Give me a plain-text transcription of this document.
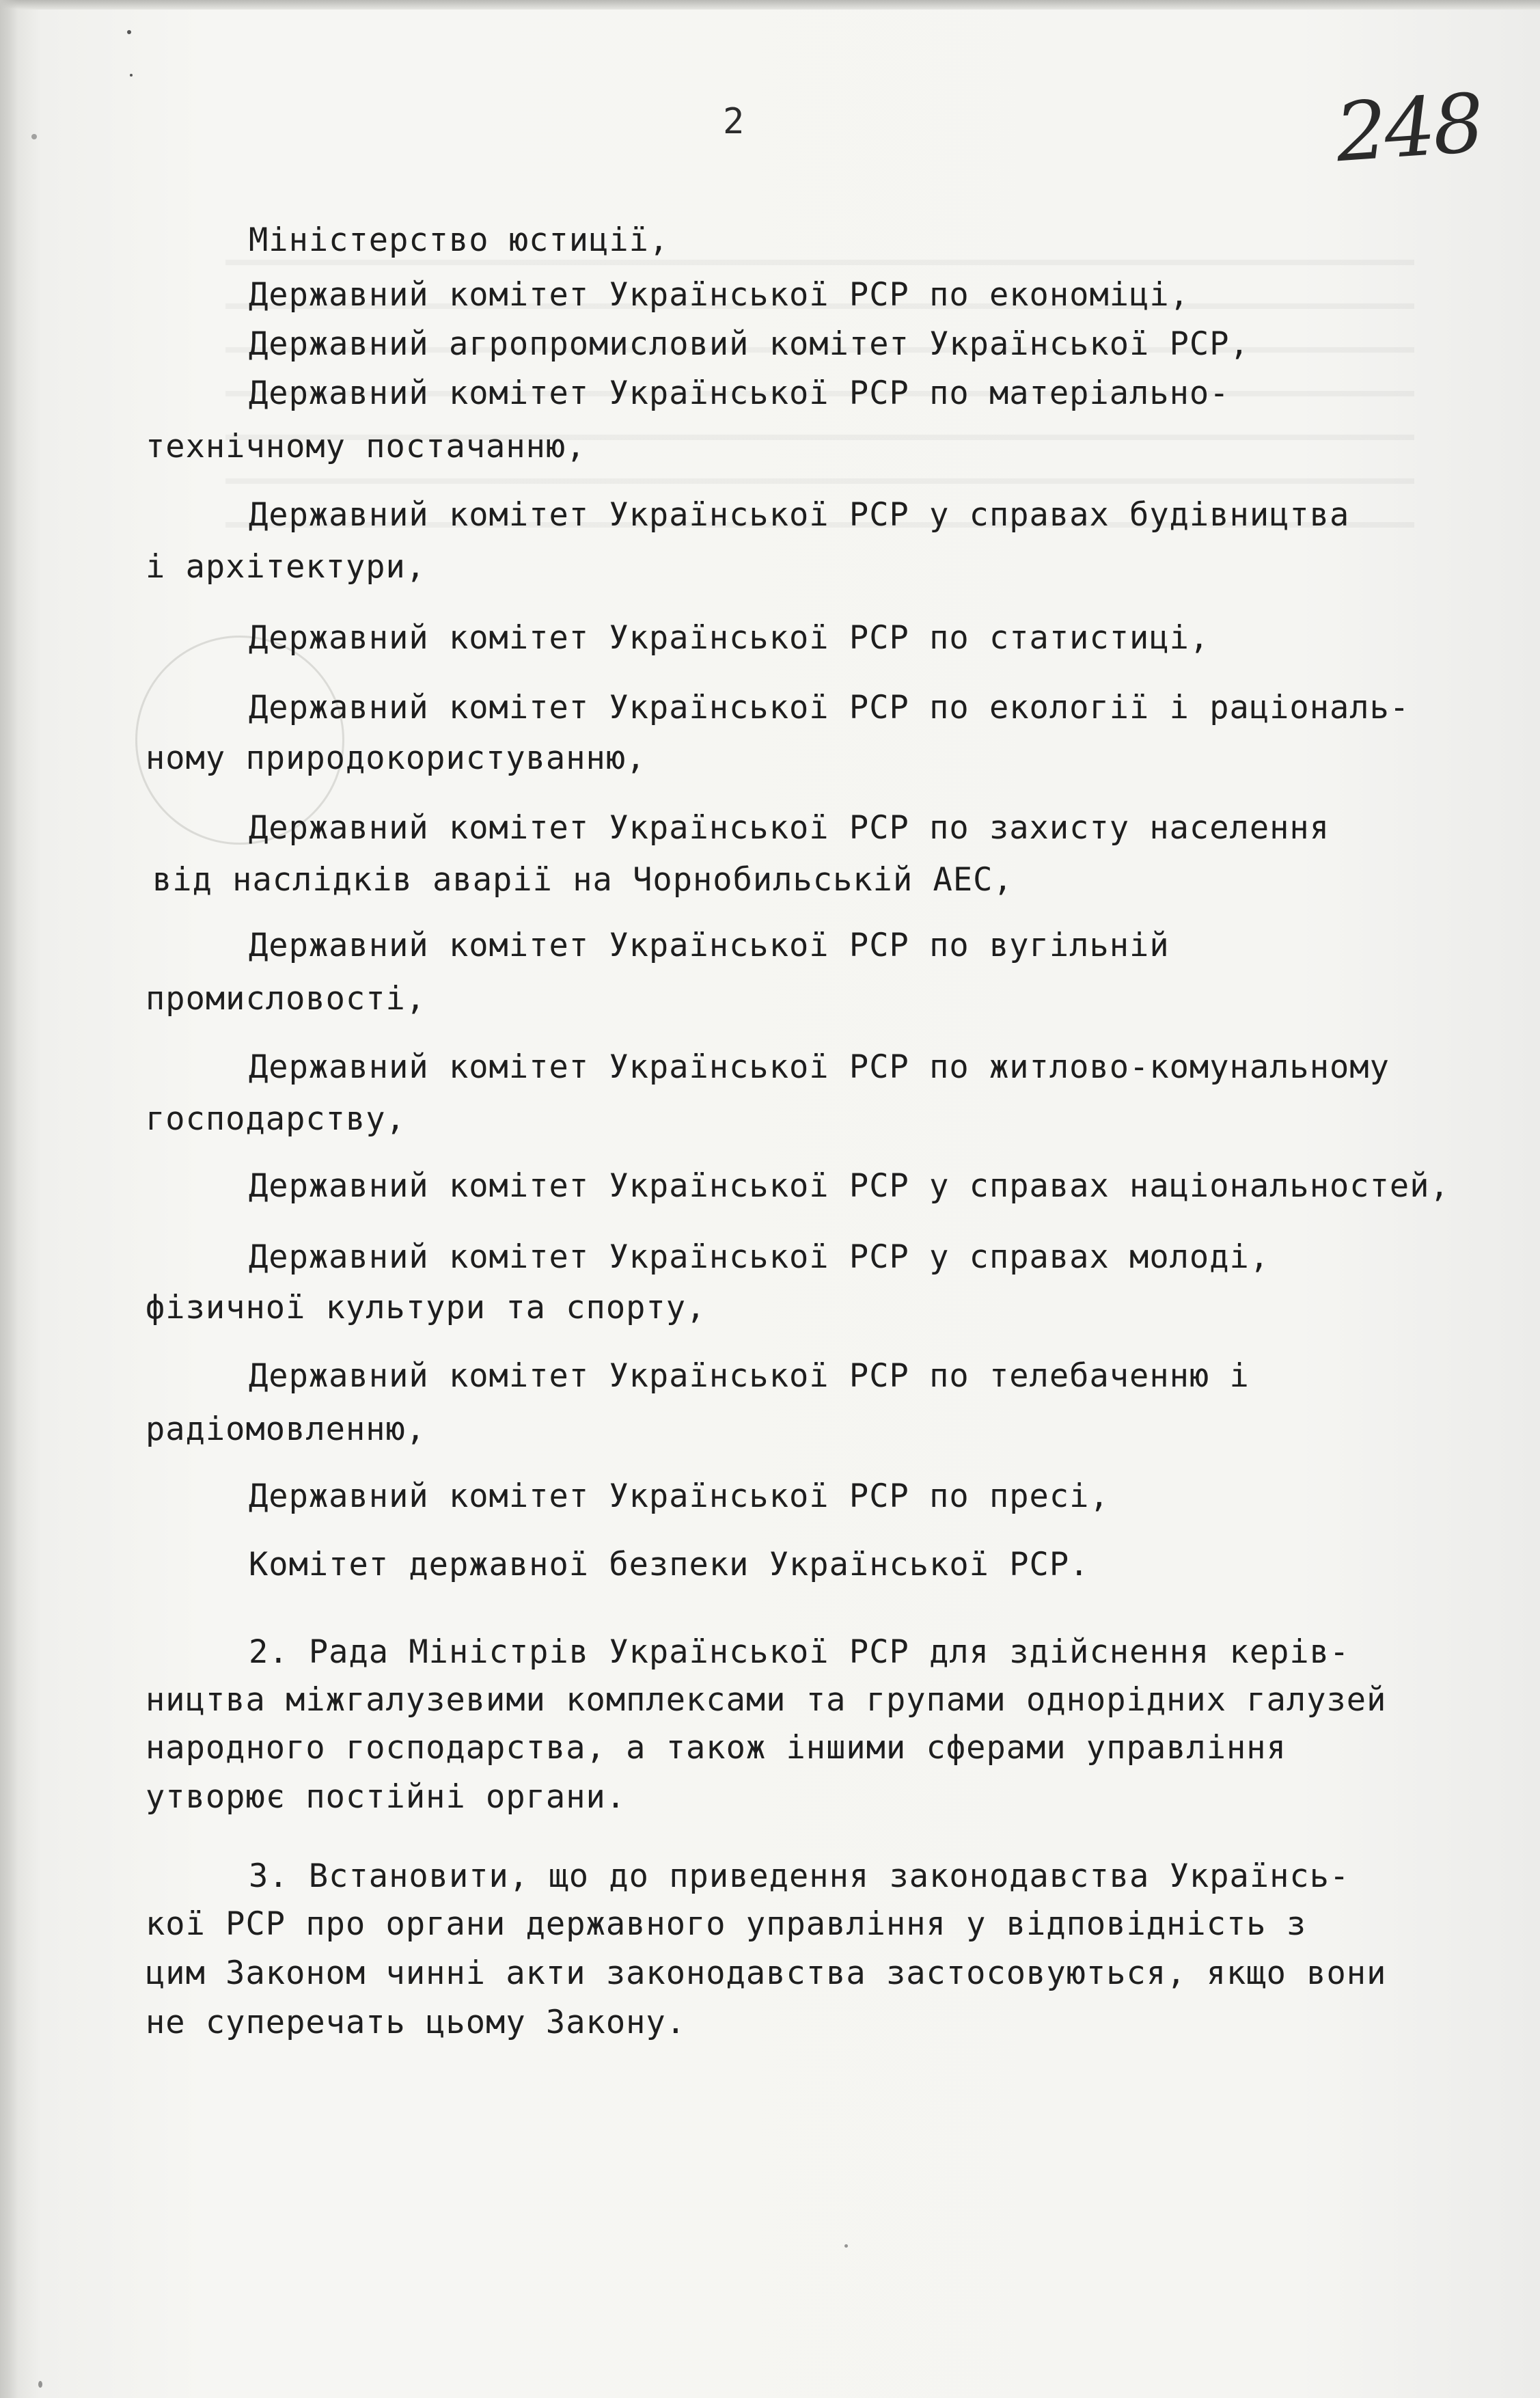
2	248
Міністерство юстиції,
Державний комітет Української РСР по економіці,
Державний агропромисловий комітет Української РСР,
Державний комітет Української РСР по матеріально-
технічному постачанню,
Державний комітет Української РСР у справах будівництва
і архітектури,
Державний комітет Української РСР по статистиці,
Державний комітет Української РСР по екології і раціональ-
ному природокористуванню,
Державний комітет Української РСР по захисту населення
від наслідків аварії на Чорнобильській АЕС,
Державний комітет Української РСР по вугільній
промисловості,
Державний комітет Української РСР по житлово-комунальному
господарству,
Державний комітет Української РСР у справах національностей,
Державний комітет Української РСР у справах молоді,
фізичної культури та спорту,
Державний комітет Української РСР по телебаченню і
радіомовленню,
Державний комітет Української РСР по пресі,
Комітет державної безпеки Української РСР.
2. Рада Міністрів Української РСР для здійснення керів-
ництва міжгалузевими комплексами та групами однорідних галузей
народного господарства, а також іншими сферами управління
утворює постійні органи.
3. Встановити, що до приведення законодавства Українсь-
кої РСР про органи державного управління у відповідність з
цим Законом чинні акти законодавства застосовуються, якщо вони
не суперечать цьому Закону.
